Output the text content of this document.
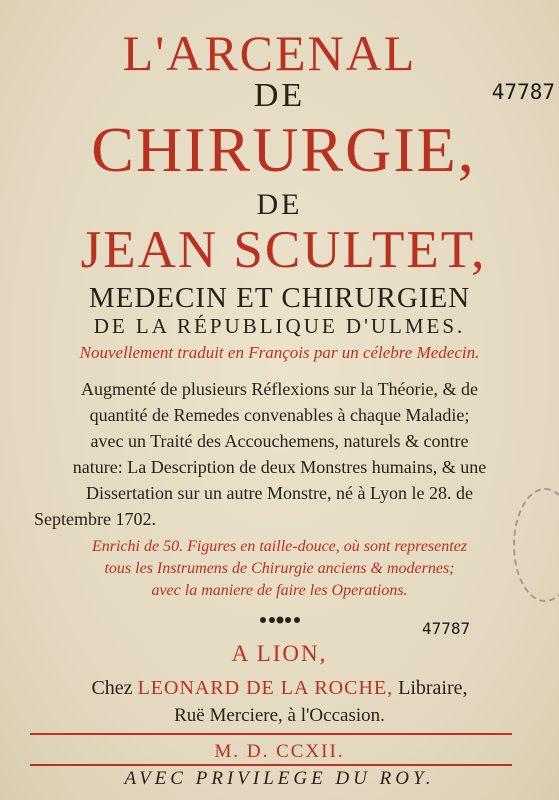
47787
L'ARCENAL
DE
CHIRURGIE,
DE
JEAN SCULTET,
MEDECIN ET CHIRURGIEN
DE LA RÉPUBLIQUE D'ULMES.
Nouvellement traduit en François par un célebre Medecin.
Augmenté de plusieurs Réflexions sur la Théorie, & de
quantité de Remedes convenables à chaque Maladie;
avec un Traité des Accouchemens, naturels & contre
nature: La Description de deux Monstres humains, & une
Dissertation sur un autre Monstre, né à Lyon le 28. de
Septembre 1702.
Enrichi de 50. Figures en taille-douce, où sont representez
tous les Instrumens de Chirurgie anciens & modernes;
avec la maniere de faire les Operations.
47787
A LION,
Chez LEONARD DE LA ROCHE, Libraire,
Ruë Merciere, à l'Occasion.
M. D. CCXII.
AVEC PRIVILEGE DU ROY.
